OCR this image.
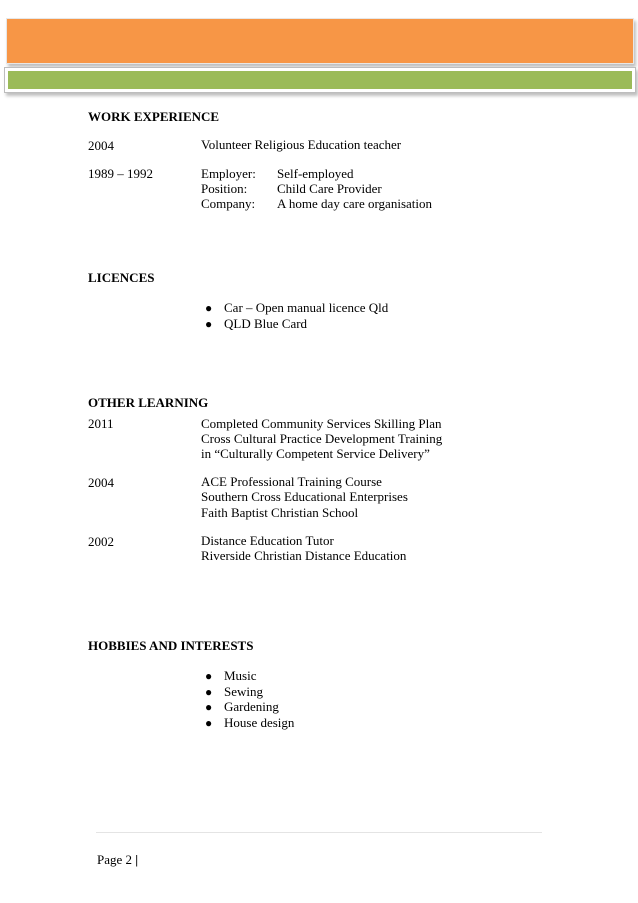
WORK EXPERIENCE
2004	Volunteer Religious Education teacher
1989 – 1992	Employer: Self-employed
Position: Child Care Provider
Company: A home day care organisation
LICENCES
● Car – Open manual licence Qld
● QLD Blue Card
OTHER LEARNING
2011	Completed Community Services Skilling Plan
Cross Cultural Practice Development Training
in “Culturally Competent Service Delivery”
2004	ACE Professional Training Course
Southern Cross Educational Enterprises
Faith Baptist Christian School
2002	Distance Education Tutor
Riverside Christian Distance Education
HOBBIES AND INTERESTS
● Music
● Sewing
● Gardening
● House design
Page 2 |
